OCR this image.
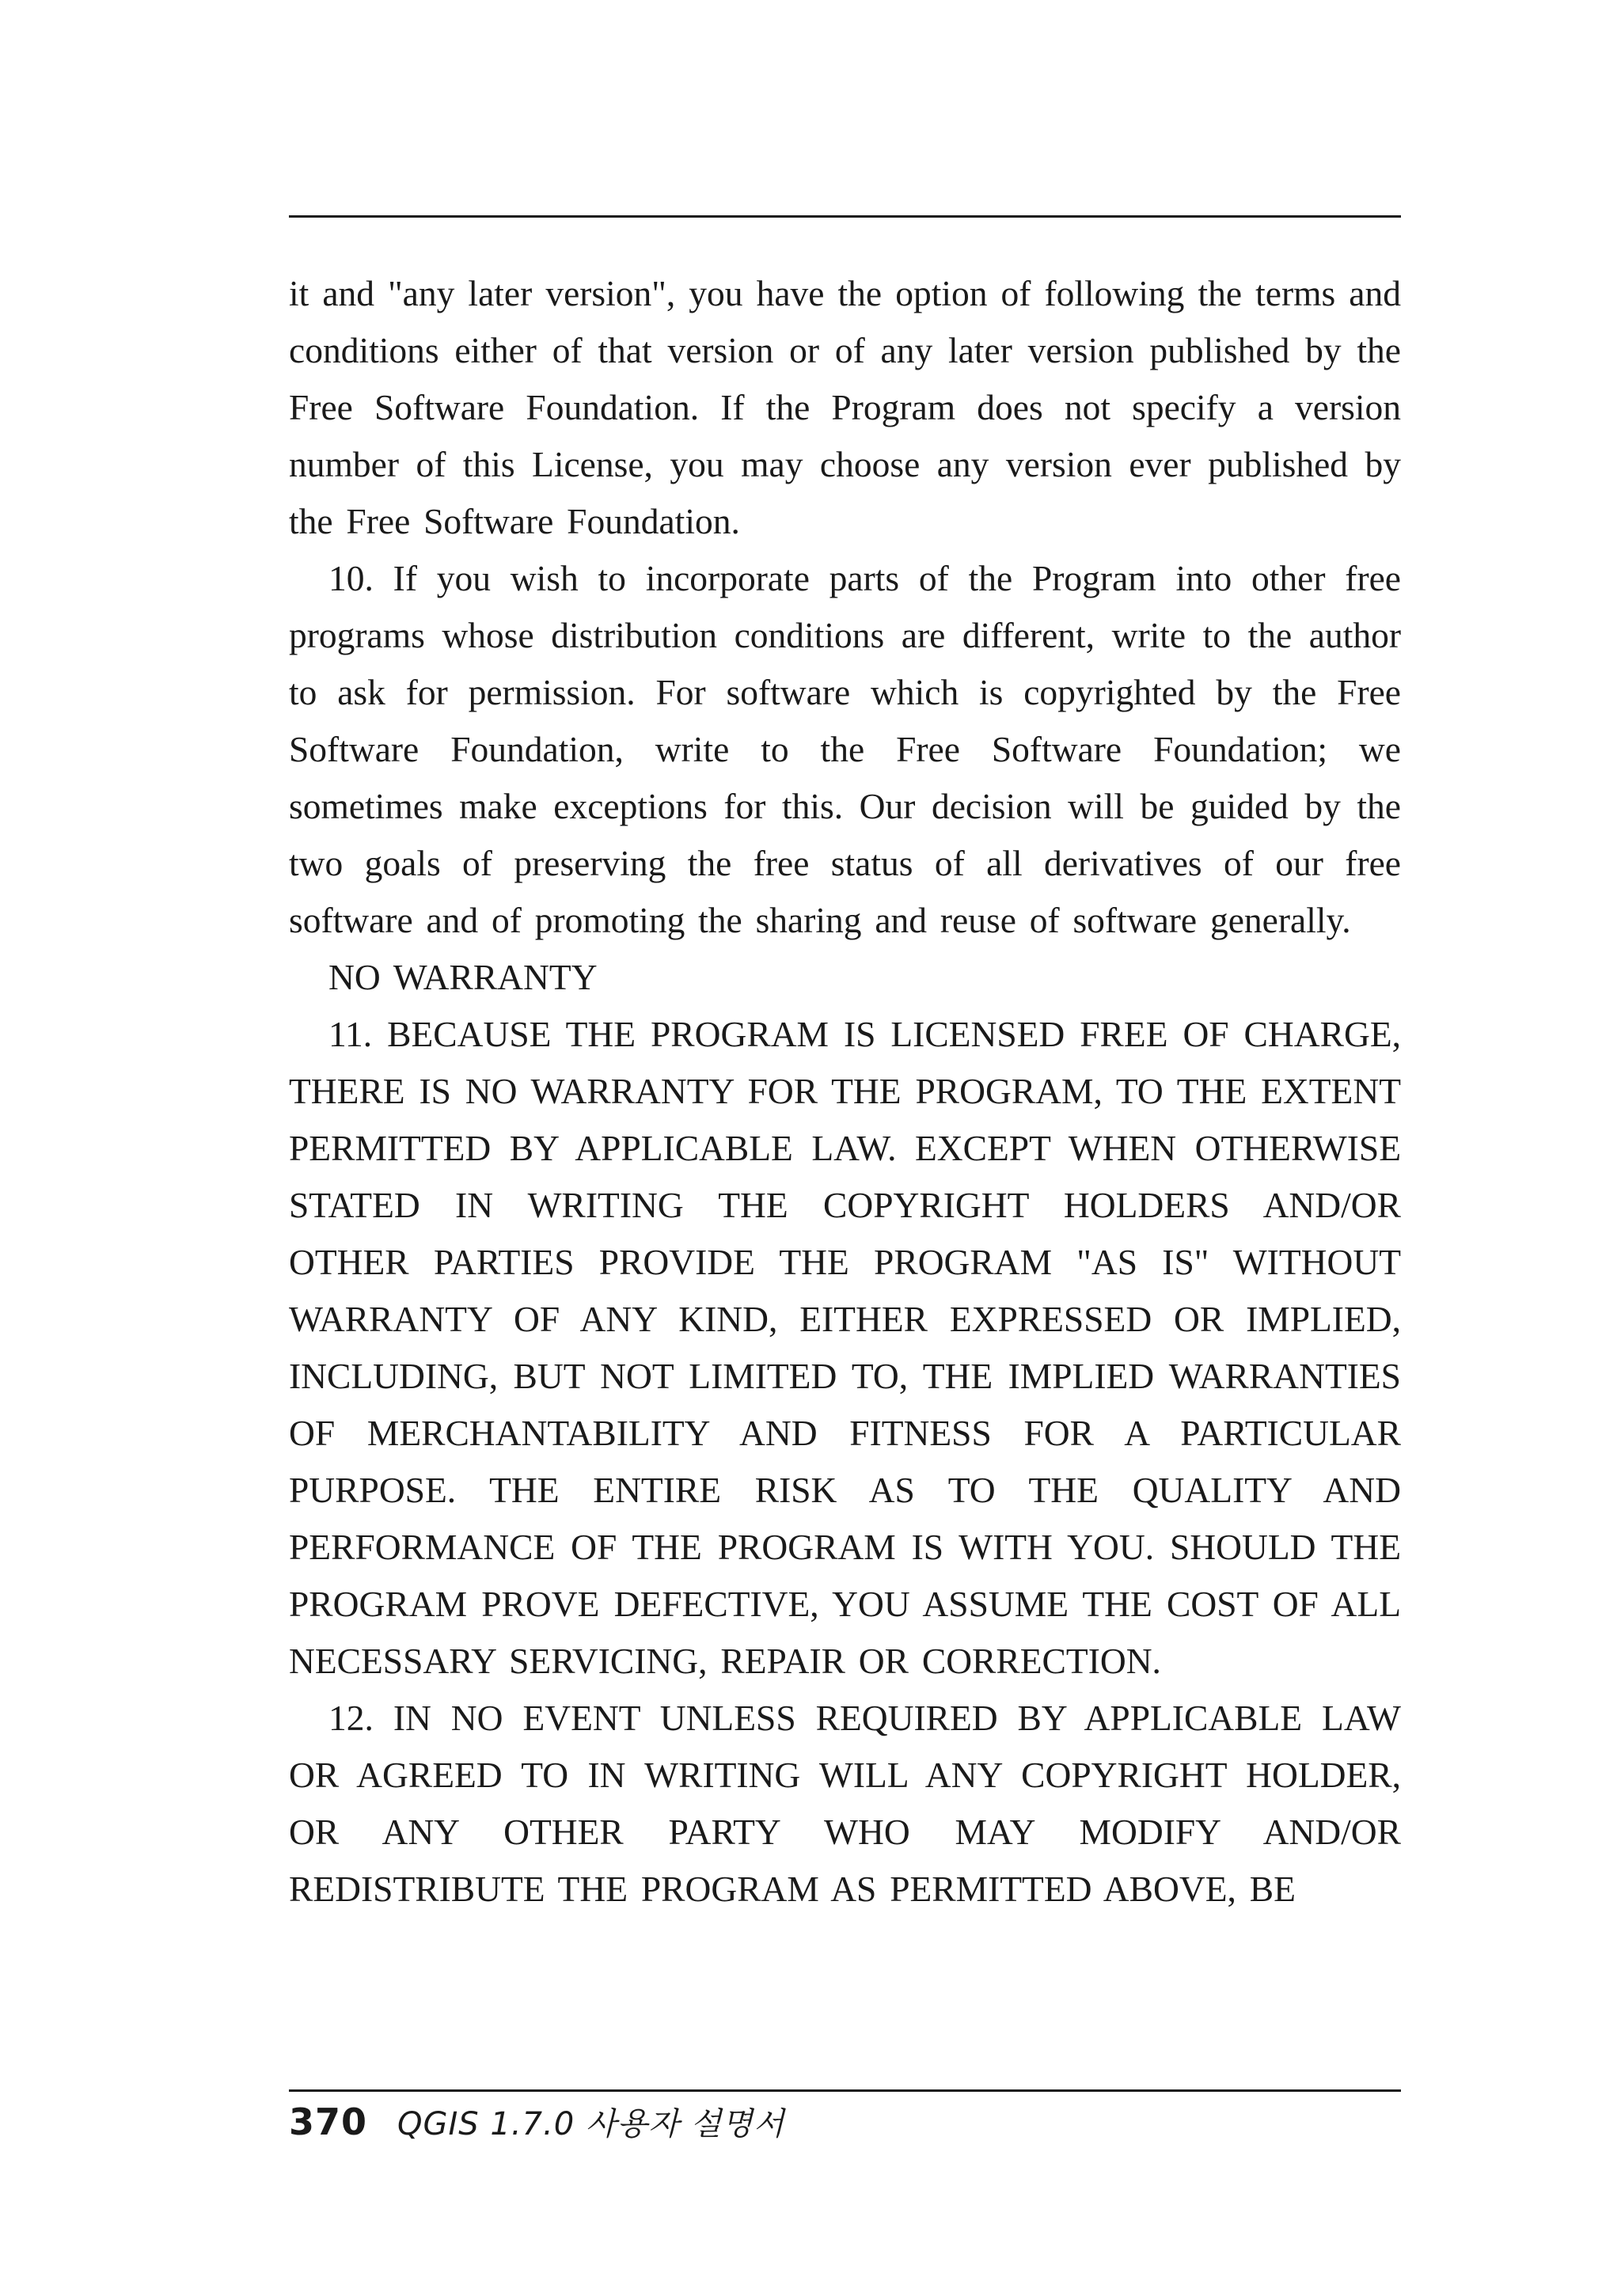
it and "any later version", you have the option of following the terms and conditions either of that version or of any later version published by the Free Software Foundation. If the Program does not specify a version number of this License, you may choose any version ever published by the Free Software Foundation.

10. If you wish to incorporate parts of the Program into other free programs whose distribution conditions are different, write to the author to ask for permission. For software which is copyrighted by the Free Software Foundation, write to the Free Software Foundation; we sometimes make exceptions for this. Our decision will be guided by the two goals of preserving the free status of all derivatives of our free software and of promoting the sharing and reuse of software generally.

NO WARRANTY

11. BECAUSE THE PROGRAM IS LICENSED FREE OF CHARGE, THERE IS NO WARRANTY FOR THE PROGRAM, TO THE EXTENT PERMITTED BY APPLICABLE LAW. EXCEPT WHEN OTHERWISE STATED IN WRITING THE COPYRIGHT HOLDERS AND/OR OTHER PARTIES PROVIDE THE PROGRAM "AS IS" WITHOUT WARRANTY OF ANY KIND, EITHER EXPRESSED OR IMPLIED, INCLUDING, BUT NOT LIMITED TO, THE IMPLIED WARRANTIES OF MERCHANTABILITY AND FITNESS FOR A PARTICULAR PURPOSE. THE ENTIRE RISK AS TO THE QUALITY AND PERFORMANCE OF THE PROGRAM IS WITH YOU. SHOULD THE PROGRAM PROVE DEFECTIVE, YOU ASSUME THE COST OF ALL NECESSARY SERVICING, REPAIR OR CORRECTION.

12. IN NO EVENT UNLESS REQUIRED BY APPLICABLE LAW OR AGREED TO IN WRITING WILL ANY COPYRIGHT HOLDER, OR ANY OTHER PARTY WHO MAY MODIFY AND/OR REDISTRIBUTE THE PROGRAM AS PERMITTED ABOVE, BE

370 QGIS 1.7.0 사용자 설명서
